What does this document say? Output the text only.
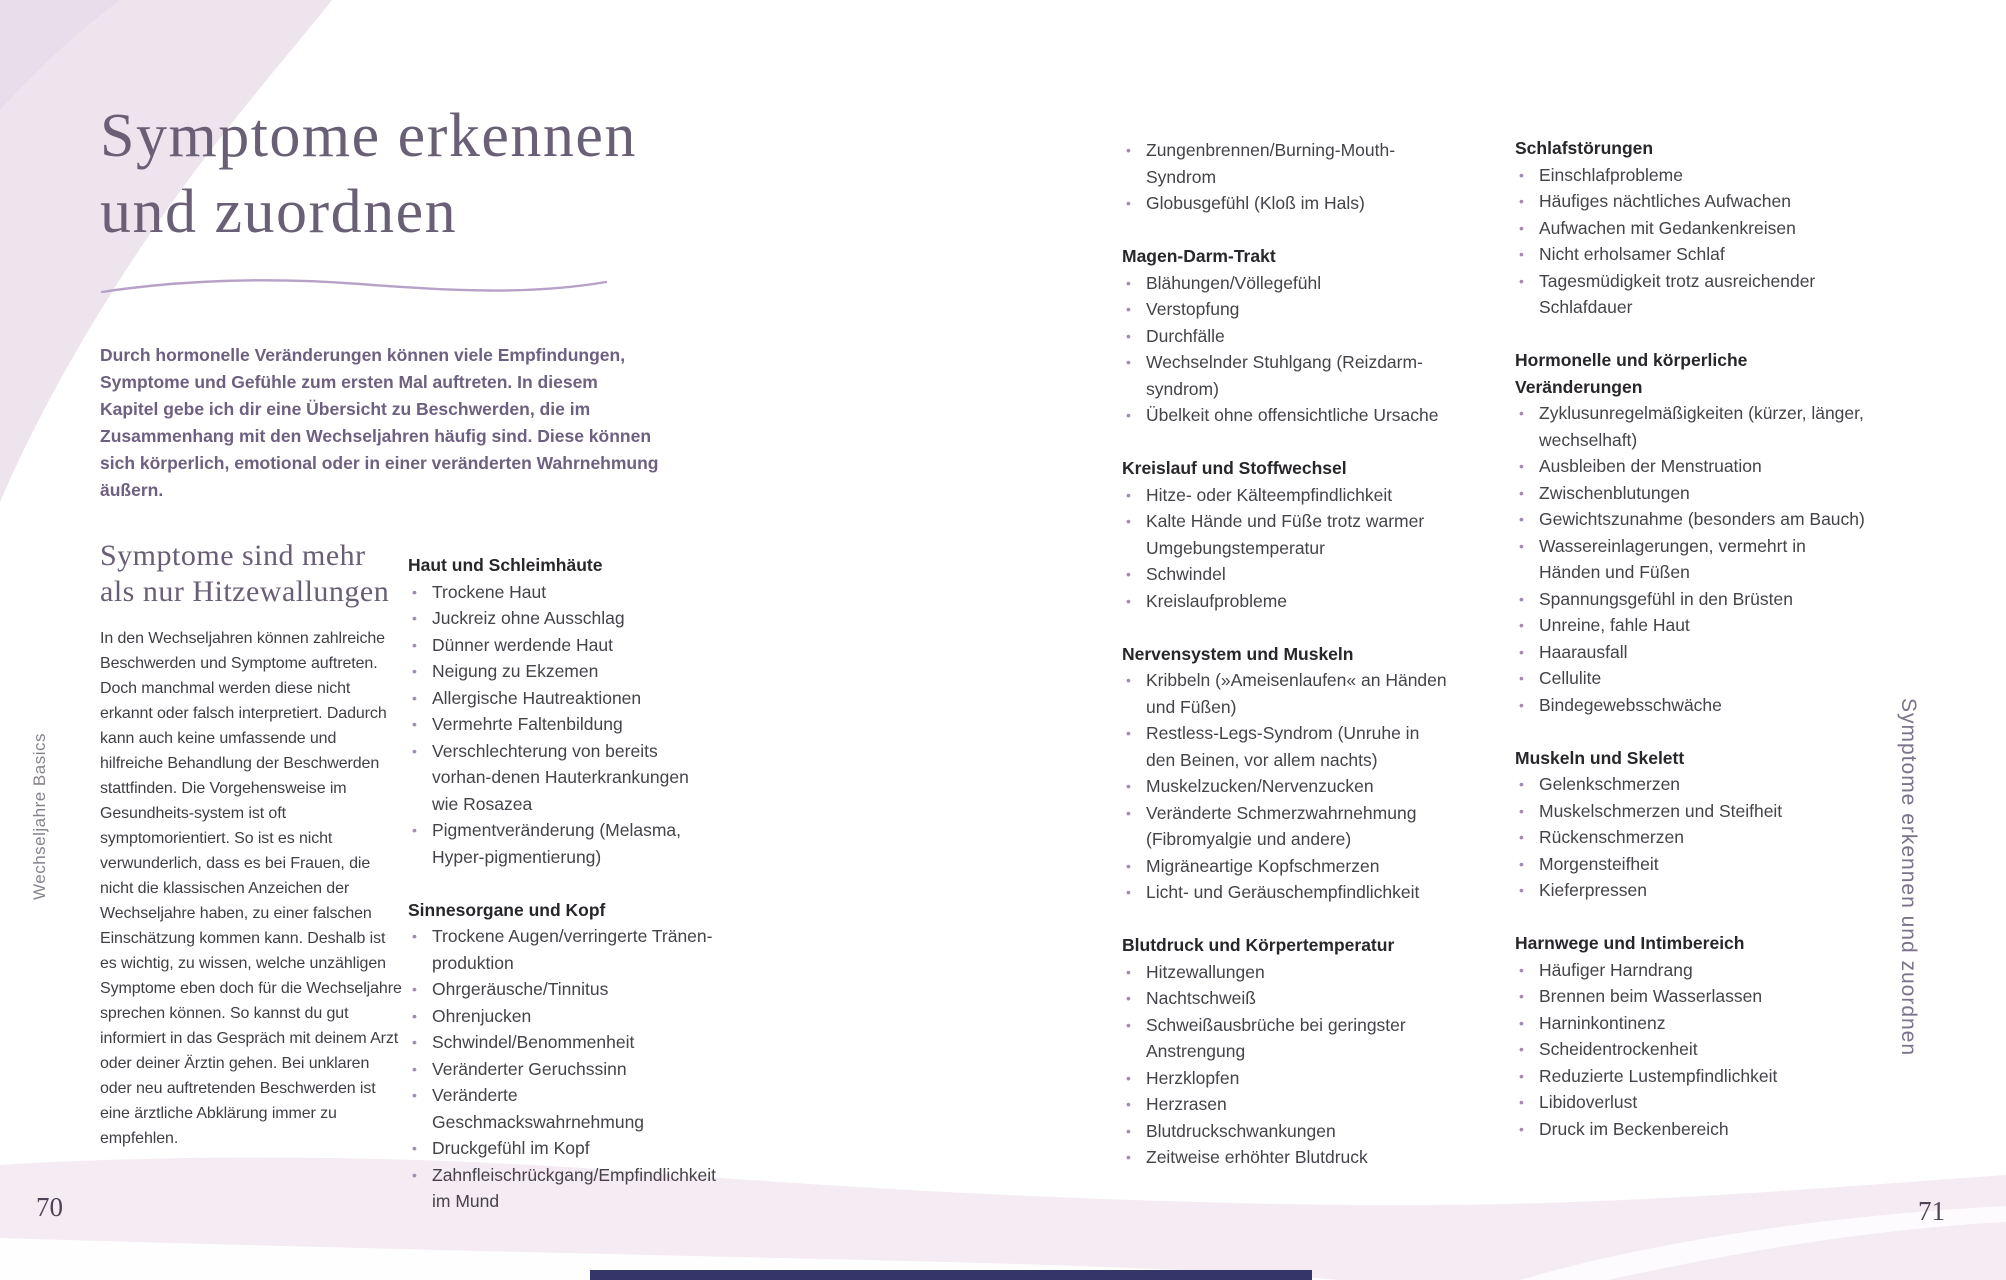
Symptome erkennen
und zuordnen

Durch hormonelle Veränderungen können viele Empfindungen, Symptome und Gefühle zum ersten Mal auftreten. In diesem Kapitel gebe ich dir eine Übersicht zu Beschwerden, die im Zusammenhang mit den Wechseljahren häufig sind. Diese können sich körperlich, emotional oder in einer veränderten Wahrnehmung äußern.

Symptome sind mehr
als nur Hitzewallungen

In den Wechseljahren können zahlreiche Beschwerden und Symptome auftreten. Doch manchmal werden diese nicht erkannt oder falsch interpretiert. Dadurch kann auch keine umfassende und hilfreiche Behandlung der Beschwerden stattfinden. Die Vorgehensweise im Gesundheits-system ist oft symptomorientiert. So ist es nicht verwunderlich, dass es bei Frauen, die nicht die klassischen Anzeichen der Wechseljahre haben, zu einer falschen Einschätzung kommen kann. Deshalb ist es wichtig, zu wissen, welche unzähligen Symptome eben doch für die Wechseljahre sprechen können. So kannst du gut informiert in das Gespräch mit deinem Arzt oder deiner Ärztin gehen. Bei unklaren oder neu auftretenden Beschwerden ist eine ärztliche Abklärung immer zu empfehlen.

Haut und Schleimhäute
• Trockene Haut
• Juckreiz ohne Ausschlag
• Dünner werdende Haut
• Neigung zu Ekzemen
• Allergische Hautreaktionen
• Vermehrte Faltenbildung
• Verschlechterung von bereits vorhan-denen Hauterkrankungen wie Rosazea
• Pigmentveränderung (Melasma, Hyper-pigmentierung)
Sinnesorgane und Kopf
• Trockene Augen/verringerte Tränen-produktion
• Ohrgeräusche/Tinnitus
• Ohrenjucken
• Schwindel/Benommenheit
• Veränderter Geruchssinn
• Veränderte Geschmackswahrnehmung
• Druckgefühl im Kopf
• Zahnfleischrückgang/Empfindlichkeit im Mund
• Zungenbrennen/Burning-Mouth-Syndrom
• Globusgefühl (Kloß im Hals)
Magen-Darm-Trakt
• Blähungen/Völlegefühl
• Verstopfung
• Durchfälle
• Wechselnder Stuhlgang (Reizdarm-syndrom)
• Übelkeit ohne offensichtliche Ursache
Kreislauf und Stoffwechsel
• Hitze- oder Kälteempfindlichkeit
• Kalte Hände und Füße trotz warmer Umgebungstemperatur
• Schwindel
• Kreislaufprobleme
Nervensystem und Muskeln
• Kribbeln (»Ameisenlaufen« an Händen und Füßen)
• Restless-Legs-Syndrom (Unruhe in den Beinen, vor allem nachts)
• Muskelzucken/Nervenzucken
• Veränderte Schmerzwahrnehmung (Fibromyalgie und andere)
• Migräneartige Kopfschmerzen
• Licht- und Geräuschempfindlichkeit
Blutdruck und Körpertemperatur
• Hitzewallungen
• Nachtschweiß
• Schweißausbrüche bei geringster Anstrengung
• Herzklopfen
• Herzrasen
• Blutdruckschwankungen
• Zeitweise erhöhter Blutdruck
Schlafstörungen
• Einschlafprobleme
• Häufiges nächtliches Aufwachen
• Aufwachen mit Gedankenkreisen
• Nicht erholsamer Schlaf
• Tagesmüdigkeit trotz ausreichender Schlafdauer
Hormonelle und körperliche Veränderungen
• Zyklusunregelmäßigkeiten (kürzer, länger, wechselhaft)
• Ausbleiben der Menstruation
• Zwischenblutungen
• Gewichtszunahme (besonders am Bauch)
• Wassereinlagerungen, vermehrt in Händen und Füßen
• Spannungsgefühl in den Brüsten
• Unreine, fahle Haut
• Haarausfall
• Cellulite
• Bindegewebsschwäche
Muskeln und Skelett
• Gelenkschmerzen
• Muskelschmerzen und Steifheit
• Rückenschmerzen
• Morgensteifheit
• Kieferpressen
Harnwege und Intimbereich
• Häufiger Harndrang
• Brennen beim Wasserlassen
• Harninkontinenz
• Scheidentrockenheit
• Reduzierte Lustempfindlichkeit
• Libidoverlust
• Druck im Beckenbereich
Wechseljahre Basics	Symptome erkennen und zuordnen
70	71
